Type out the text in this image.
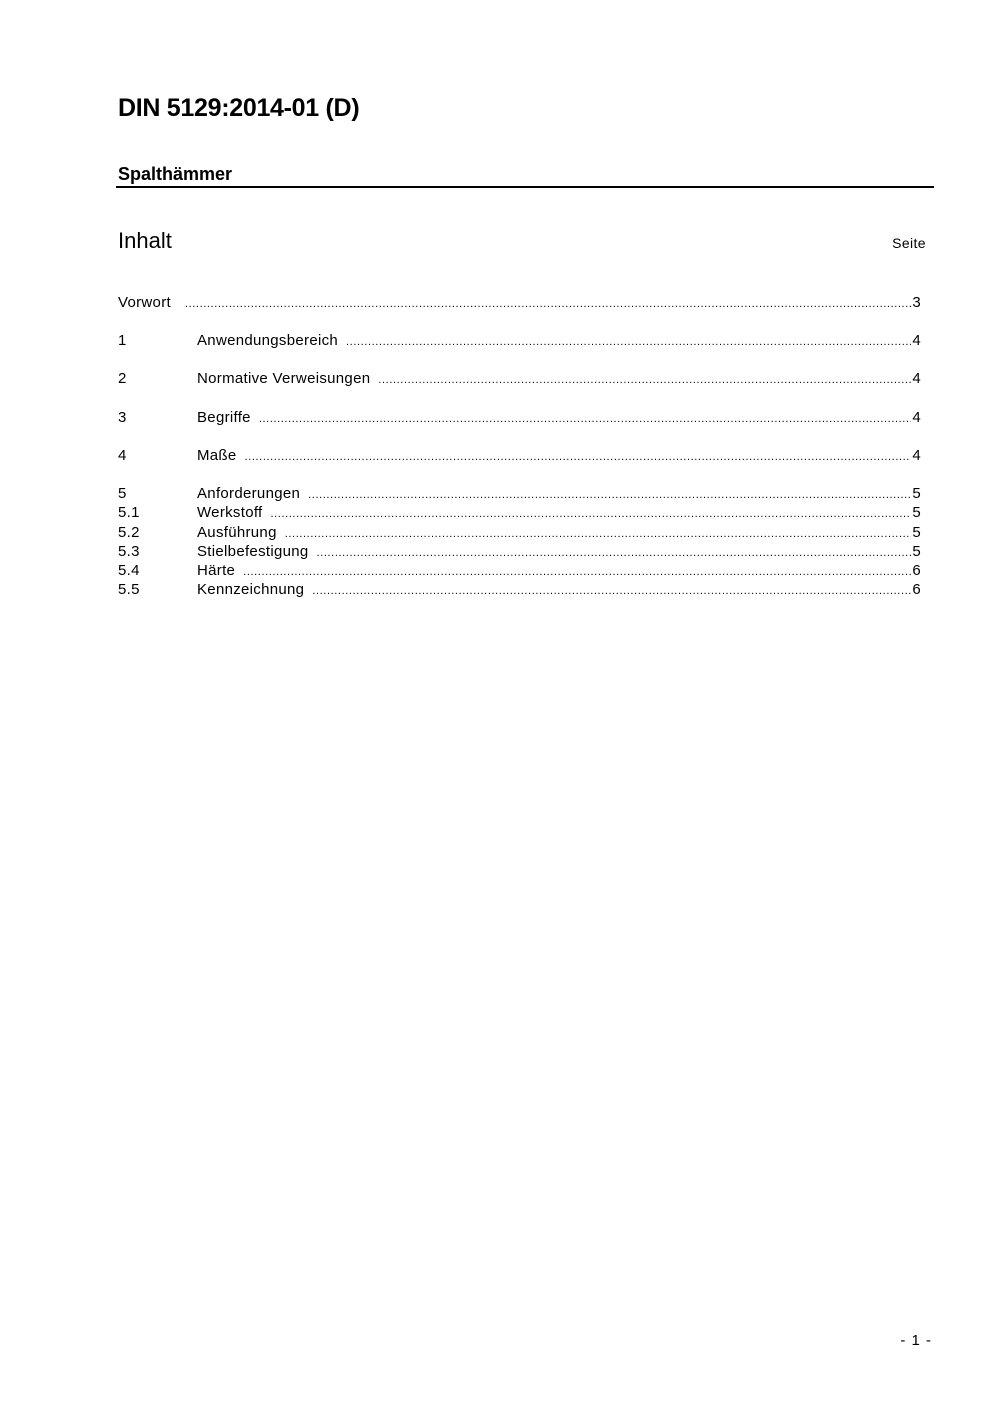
DIN 5129:2014-01 (D)
Spalthämmer
Inhalt	Seite
Vorwort .....	3
1	Anwendungsbereich .....	4
2	Normative Verweisungen .....	4
3	Begriffe .....	4
4	Maße .....	4
5	Anforderungen .....	5
5.1	Werkstoff .....	5
5.2	Ausführung .....	5
5.3	Stielbefestigung .....	5
5.4	Härte .....	6
5.5	Kennzeichnung .....	6
- 1 -
